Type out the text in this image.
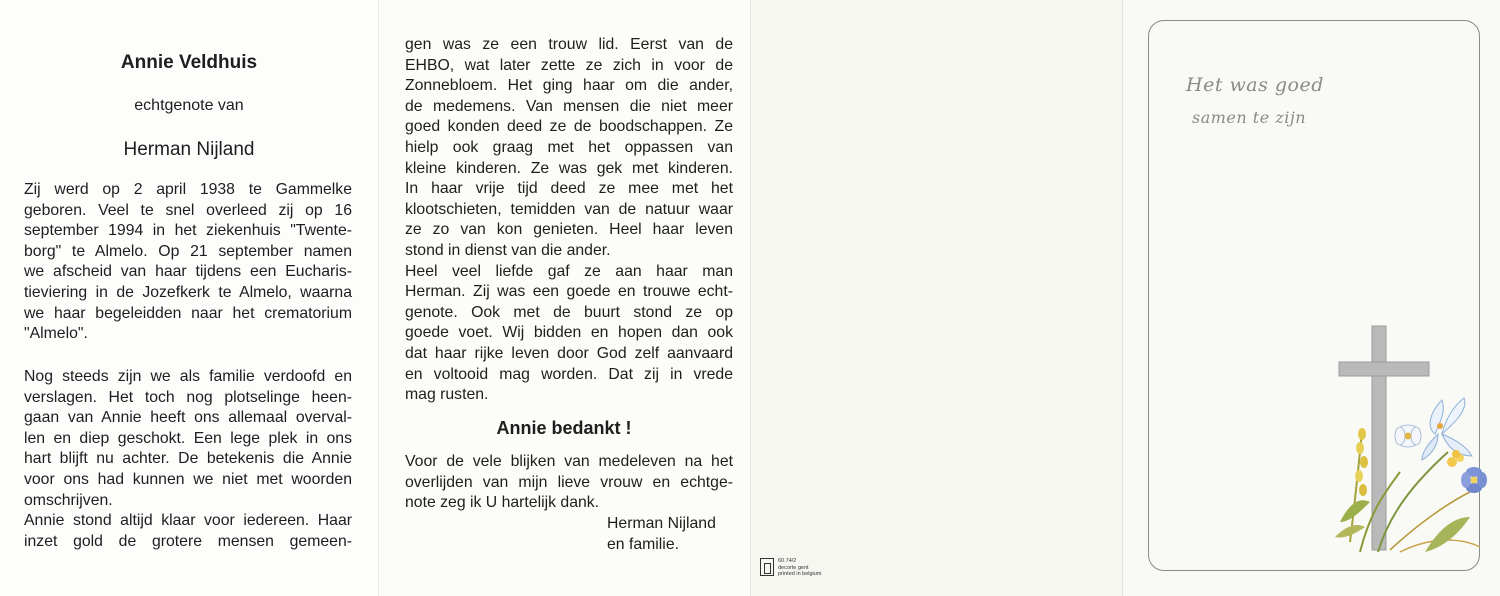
Annie Veldhuis
echtgenote van
Herman Nijland
Zij werd op 2 april 1938 te Gammelke
geboren. Veel te snel overleed zij op 16
september 1994 in het ziekenhuis "Twente-
borg" te Almelo. Op 21 september namen
we afscheid van haar tijdens een Eucharis-
tieviering in de Jozefkerk te Almelo, waarna
we haar begeleidden naar het crematorium
"Almelo".
Nog steeds zijn we als familie verdoofd en
verslagen. Het toch nog plotselinge heen-
gaan van Annie heeft ons allemaal overval-
len en diep geschokt. Een lege plek in ons
hart blijft nu achter. De betekenis die Annie
voor ons had kunnen we niet met woorden
omschrijven.
Annie stond altijd klaar voor iedereen. Haar
inzet gold de grotere mensen gemeen-
gen was ze een trouw lid. Eerst van de
EHBO, wat later zette ze zich in voor de
Zonnebloem. Het ging haar om die ander,
de medemens. Van mensen die niet meer
goed konden deed ze de boodschappen. Ze
hielp ook graag met het oppassen van
kleine kinderen. Ze was gek met kinderen.
In haar vrije tijd deed ze mee met het
klootschieten, temidden van de natuur waar
ze zo van kon genieten. Heel haar leven
stond in dienst van die ander.
Heel veel liefde gaf ze aan haar man
Herman. Zij was een goede en trouwe echt-
genote. Ook met de buurt stond ze op
goede voet. Wij bidden en hopen dan ook
dat haar rijke leven door God zelf aanvaard
en voltooid mag worden. Dat zij in vrede
mag rusten.
Annie bedankt !
Voor de vele blijken van medeleven na het
overlijden van mijn lieve vrouw en echtge-
note zeg ik U hartelijk dank.
Herman Nijland
en familie.
60.74/2
decorte gent
printed in belgium
Het was goed
samen te zijn
